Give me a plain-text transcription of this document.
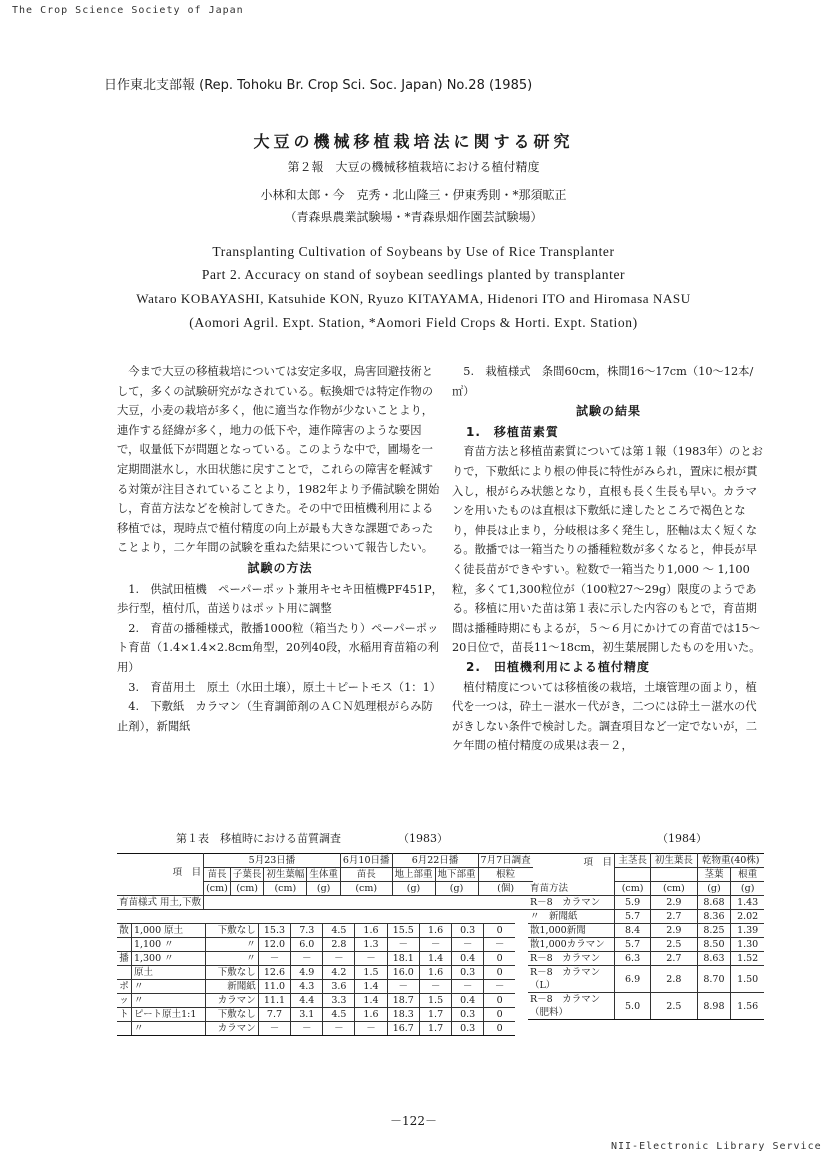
The Crop Science Society of Japan
日作東北支部報 (Rep. Tohoku Br. Crop Sci. Soc. Japan) No.28 (1985)
大豆の機械移植栽培法に関する研究
第２報　大豆の機械移植栽培における植付精度
小林和太郎・今　克秀・北山隆三・伊東秀則・*那須昿正
（青森県農業試験場・*青森県畑作園芸試験場）
Transplanting Cultivation of Soybeans by Use of Rice Transplanter
Part 2. Accuracy on stand of soybean seedlings planted by transplanter
Wataro KOBAYASHI, Katsuhide KON, Ryuzo KITAYAMA, Hidenori ITO and Hiromasa NASU
(Aomori Agril. Expt. Station, *Aomori Field Crops & Horti. Expt. Station)

今まで大豆の移植栽培については安定多収，鳥害回避技術として，多くの試験研究がなされている。転換畑では特定作物の大豆，小麦の栽培が多く，他に適当な作物が少ないことより，連作する経緯が多く，地力の低下や，連作障害のような要因で，収量低下が問題となっている。このような中で，圃場を一定期間湛水し，水田状態に戻すことで，これらの障害を軽減する対策が注目されていることより，1982年より予備試験を開始し，育苗方法などを検討してきた。その中で田植機利用による移植では，現時点で植付精度の向上が最も大きな課題であったことより，二ケ年間の試験を重ねた結果について報告したい。

試験の方法

1.　供試田植機　ペーパーポット兼用キセキ田植機PF451P，歩行型，植付爪，苗送りはポット用に調整

2.　育苗の播種様式，散播1000粒（箱当たり）ペーパーポット育苗（1.4×1.4×2.8cm角型，20列40段，水稲用育苗箱の利用）

3.　育苗用土　原土（水田土壌），原土＋ピートモス（1：1）

4.　下敷紙　カラマン（生育調節剤のＡＣＮ処理根がらみ防止剤），新聞紙

5.　栽植様式　条間60cm，株間16〜17cm（10〜12本/㎡）

試験の結果

1.　移植苗素質

育苗方法と移植苗素質については第１報（1983年）のとおりで，下敷紙により根の伸長に特性がみられ，置床に根が貫入し，根がらみ状態となり，直根も長く生長も早い。カラマンを用いたものは直根は下敷紙に達したところで褐色となり，伸長は止まり，分岐根は多く発生し，胚軸は太く短くなる。散播では一箱当たりの播種粒数が多くなると，伸長が早く徒長苗ができやすい。粒数で一箱当たり1,000 〜 1,100粒，多くて1,300粒位が（100粒27〜29g）限度のようである。移植に用いた苗は第１表に示した内容のもとで，育苗期間は播種時期にもよるが，５〜６月にかけての育苗では15〜20日位で，苗長11〜18cm，初生葉展開したものを用いた。

2.　田植機利用による植付精度

植付精度については移植後の栽培，土壌管理の面より，植代を一つは，砕土－湛水－代がき，二つには砕土－湛水の代がきしない条件で検討した。調査項目など一定でないが，二ケ年間の植付精度の成果は表－２，

第１表　移植時における苗質調査	（1983）	（1984）
項　目	5月23日播				6月10日播	6月22日播		7月7日調査
	苗長	子葉長	初生葉幅	生体重	苗長	地上部重	地下部重	根粒
	(cm)	(cm)	(cm)	(g)	(cm)	(g)	(g)	(個)
育苗様式 用土,下敷								
散	1,000 原土	下敷なし	15.3	7.3	4.5	1.6	15.5	1.6	0.3	0
	1,100 〃	〃	12.0	6.0	2.8	1.3	－	－	－	－
播	1,300 〃	〃	－	－	－	－	18.1	1.4	0.4	0
	原土	下敷なし	12.6	4.9	4.2	1.5	16.0	1.6	0.3	0
ポ	〃	新聞紙	11.0	4.3	3.6	1.4	－	－	－	－
ッ	〃	カラマン	11.1	4.4	3.3	1.4	18.7	1.5	0.4	0
ト	ピート原土1:1	下敷なし	7.7	3.1	4.5	1.6	18.3	1.7	0.3	0
	〃	カラマン	－	－	－	－	16.7	1.7	0.3	0
項　目

育苗方法	主茎長	初生葉長	乾物重(40株)	
			茎葉	根重
	(cm)	(cm)	(g)	(g)
R－8　カラマン	5.9	2.9	8.68	1.43
〃　新聞紙	5.7	2.7	8.36	2.02
散1,000新聞	8.4	2.9	8.25	1.39
散1,000カラマン	5.7	2.5	8.50	1.30
R－8　カラマン	6.3	2.7	8.63	1.52
R－8　カラマン（L）	6.9	2.8	8.70	1.50
R－8　カラマン（肥料）	5.0	2.5	8.98	1.56
－122－
NII-Electronic Library Service
